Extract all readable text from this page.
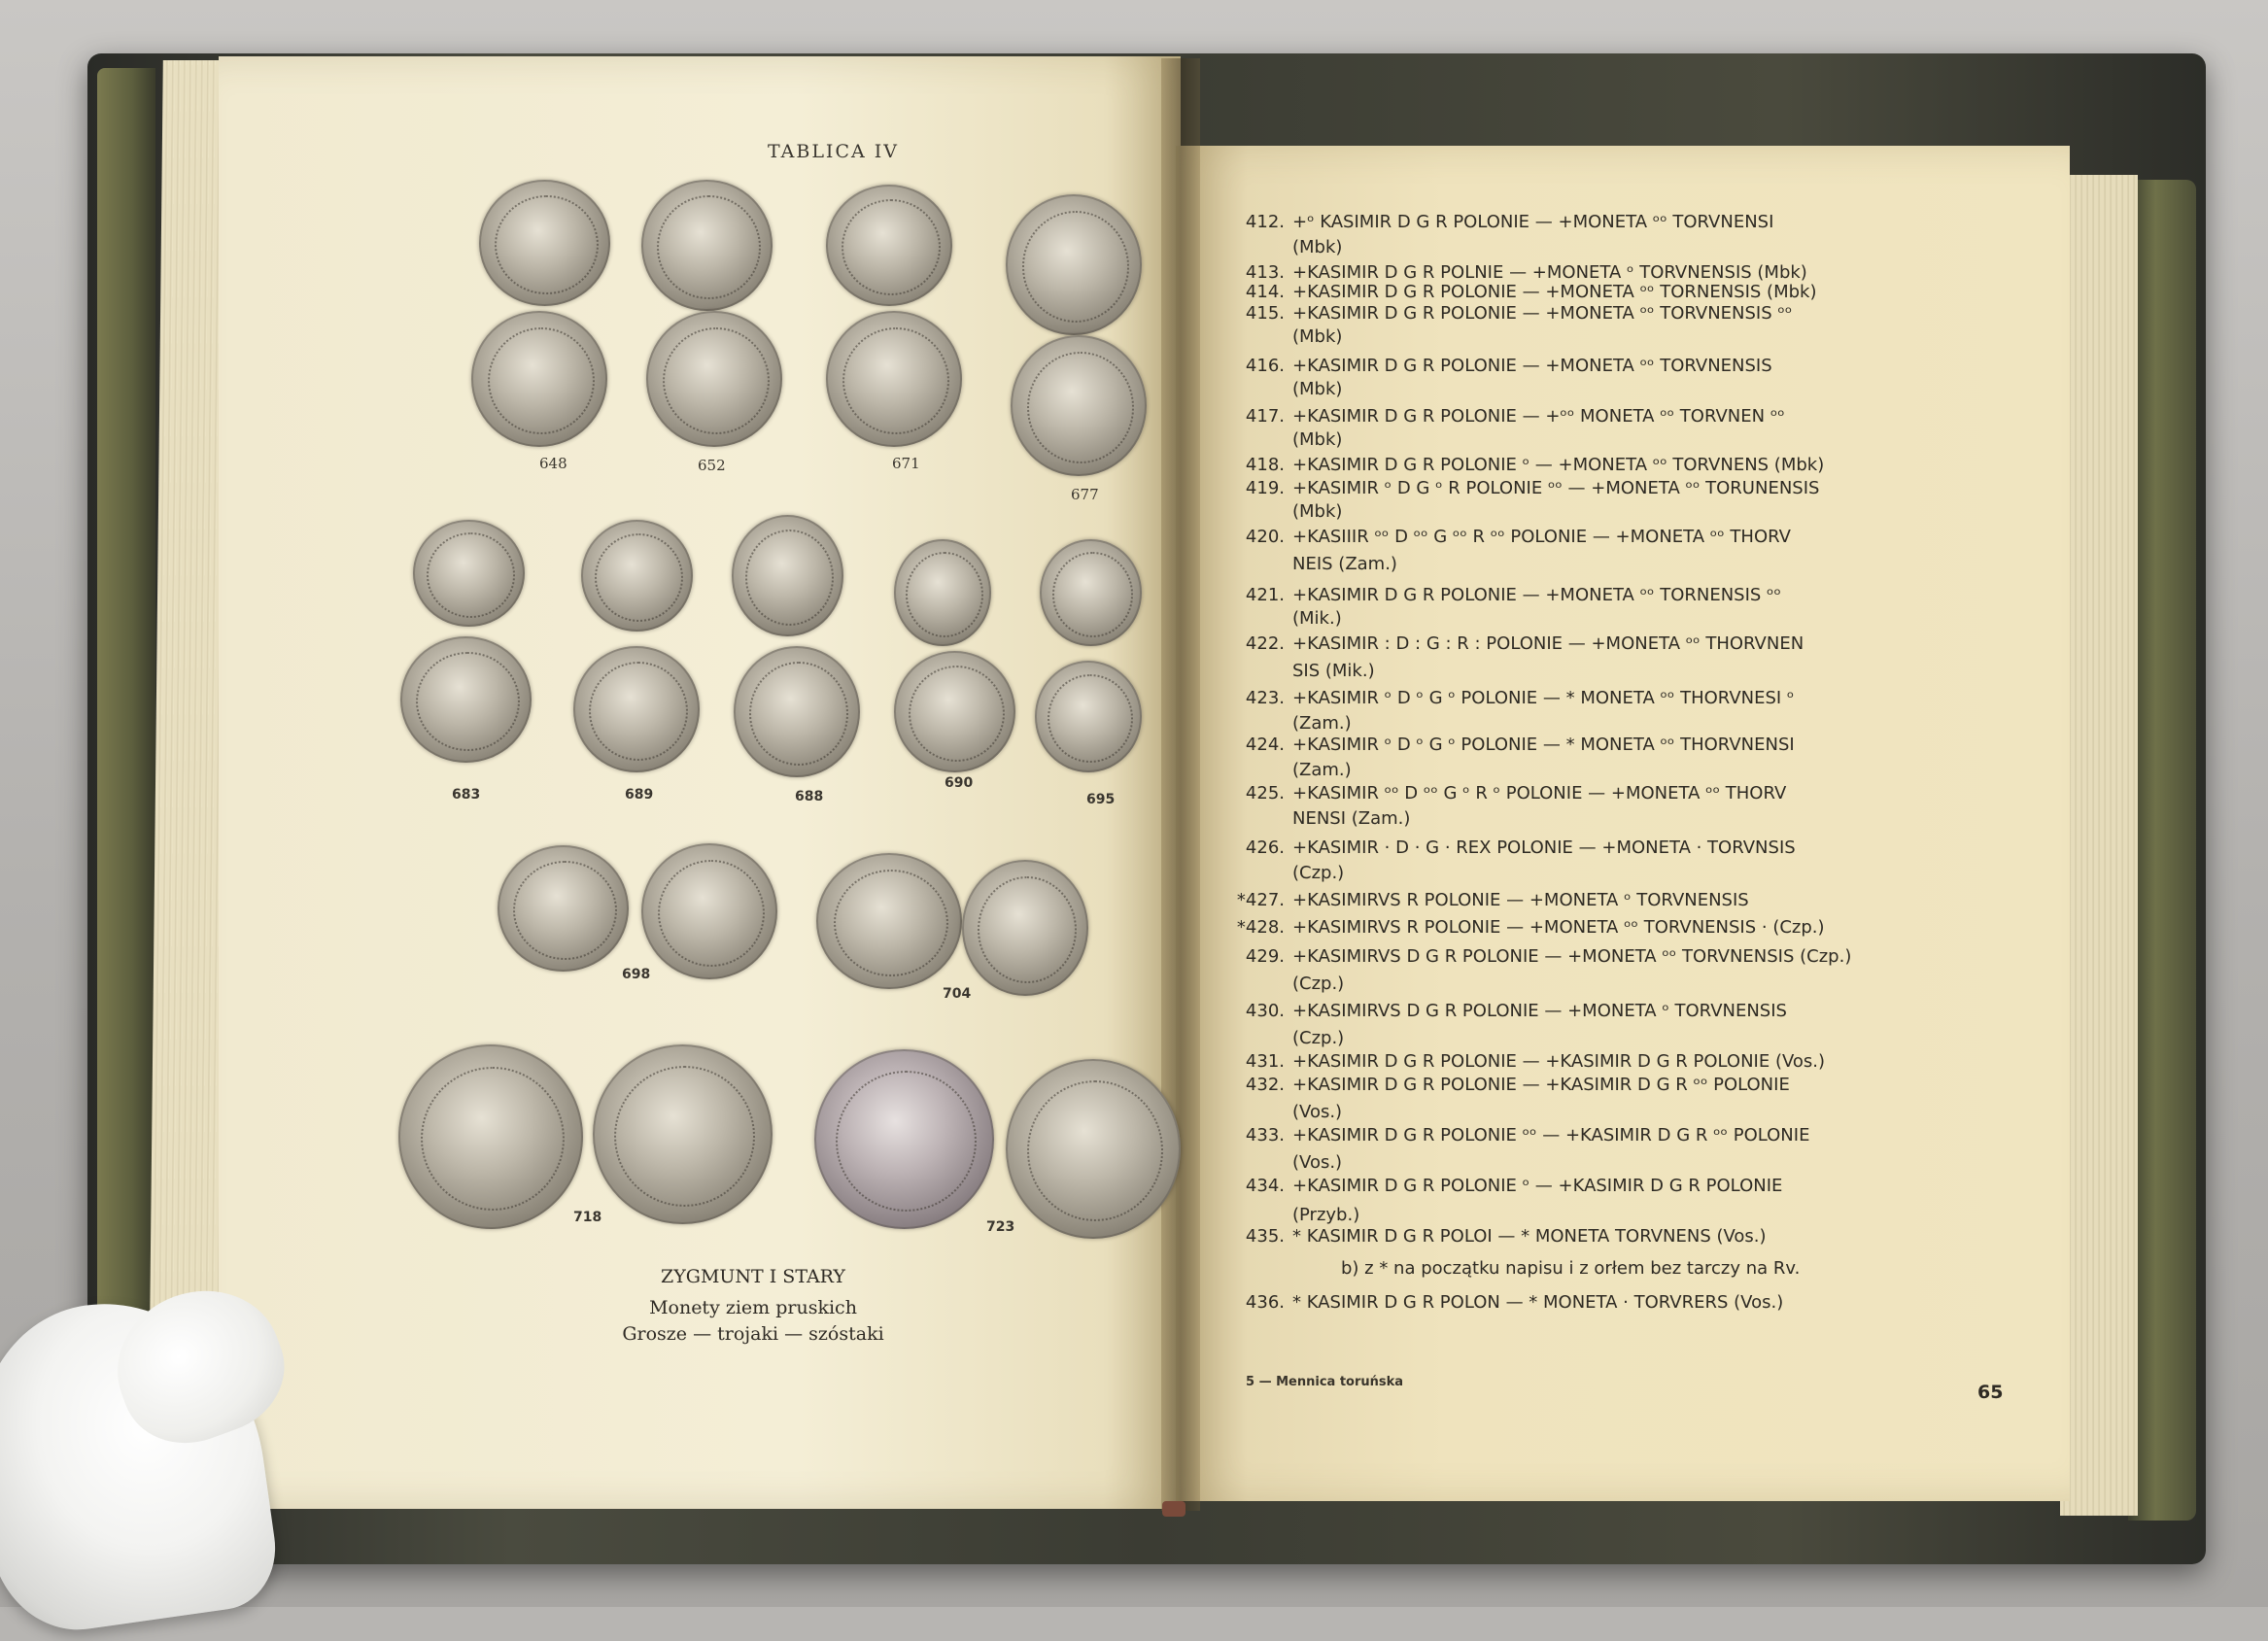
TABLICA IV
648	652	671
677
683	689	688
690
695
698
704
718
723
ZYGMUNT I STARY
Monety ziem pruskich
Grosze — trojaki — szóstaki
412. +ᵒ KASIMIR D G R POLONIE — +MONETA ᵒᵒ TORVNENSI
(Mbk)
413. +KASIMIR D G R POLNIE — +MONETA ᵒ TORVNENSIS (Mbk)
414. +KASIMIR D G R POLONIE — +MONETA ᵒᵒ TORNENSIS (Mbk)
415. +KASIMIR D G R POLONIE — +MONETA ᵒᵒ TORVNENSIS ᵒᵒ
(Mbk)
416. +KASIMIR D G R POLONIE — +MONETA ᵒᵒ TORVNENSIS
(Mbk)
417. +KASIMIR D G R POLONIE — +ᵒᵒ MONETA ᵒᵒ TORVNEN ᵒᵒ
(Mbk)
418. +KASIMIR D G R POLONIE ᵒ — +MONETA ᵒᵒ TORVNENS (Mbk)
419. +KASIMIR ᵒ D G ᵒ R POLONIE ᵒᵒ — +MONETA ᵒᵒ TORUNENSIS
(Mbk)
420. +KASIIIR ᵒᵒ D ᵒᵒ G ᵒᵒ R ᵒᵒ POLONIE — +MONETA ᵒᵒ THORV
NEIS (Zam.)
421. +KASIMIR D G R POLONIE — +MONETA ᵒᵒ TORNENSIS ᵒᵒ
(Mik.)
422. +KASIMIR : D : G : R : POLONIE — +MONETA ᵒᵒ THORVNEN
SIS (Mik.)
423. +KASIMIR ᵒ D ᵒ G ᵒ POLONIE — * MONETA ᵒᵒ THORVNESI ᵒ
(Zam.)
424. +KASIMIR ᵒ D ᵒ G ᵒ POLONIE — * MONETA ᵒᵒ THORVNENSI
(Zam.)
425. +KASIMIR ᵒᵒ D ᵒᵒ G ᵒ R ᵒ POLONIE — +MONETA ᵒᵒ THORV
NENSI (Zam.)
426. +KASIMIR · D · G · REX POLONIE — +MONETA · TORVNSIS
(Czp.)
*427. +KASIMIRVS R POLONIE — +MONETA ᵒ TORVNENSIS
*428. +KASIMIRVS R POLONIE — +MONETA ᵒᵒ TORVNENSIS · (Czp.)
429. +KASIMIRVS D G R POLONIE — +MONETA ᵒᵒ TORVNENSIS (Czp.)
(Czp.)
430. +KASIMIRVS D G R POLONIE — +MONETA ᵒ TORVNENSIS
(Czp.)
431. +KASIMIR D G R POLONIE — +KASIMIR D G R POLONIE (Vos.)
432. +KASIMIR D G R POLONIE — +KASIMIR D G R ᵒᵒ POLONIE
(Vos.)
433. +KASIMIR D G R POLONIE ᵒᵒ — +KASIMIR D G R ᵒᵒ POLONIE
(Vos.)
434. +KASIMIR D G R POLONIE ᵒ — +KASIMIR D G R POLONIE
(Przyb.)
435. * KASIMIR D G R POLOI — * MONETA TORVNENS (Vos.)
436. * KASIMIR D G R POLON — * MONETA · TORVRERS (Vos.)
b) z * na początku napisu i z orłem bez tarczy na Rv.
5 — Mennica toruńska	65
